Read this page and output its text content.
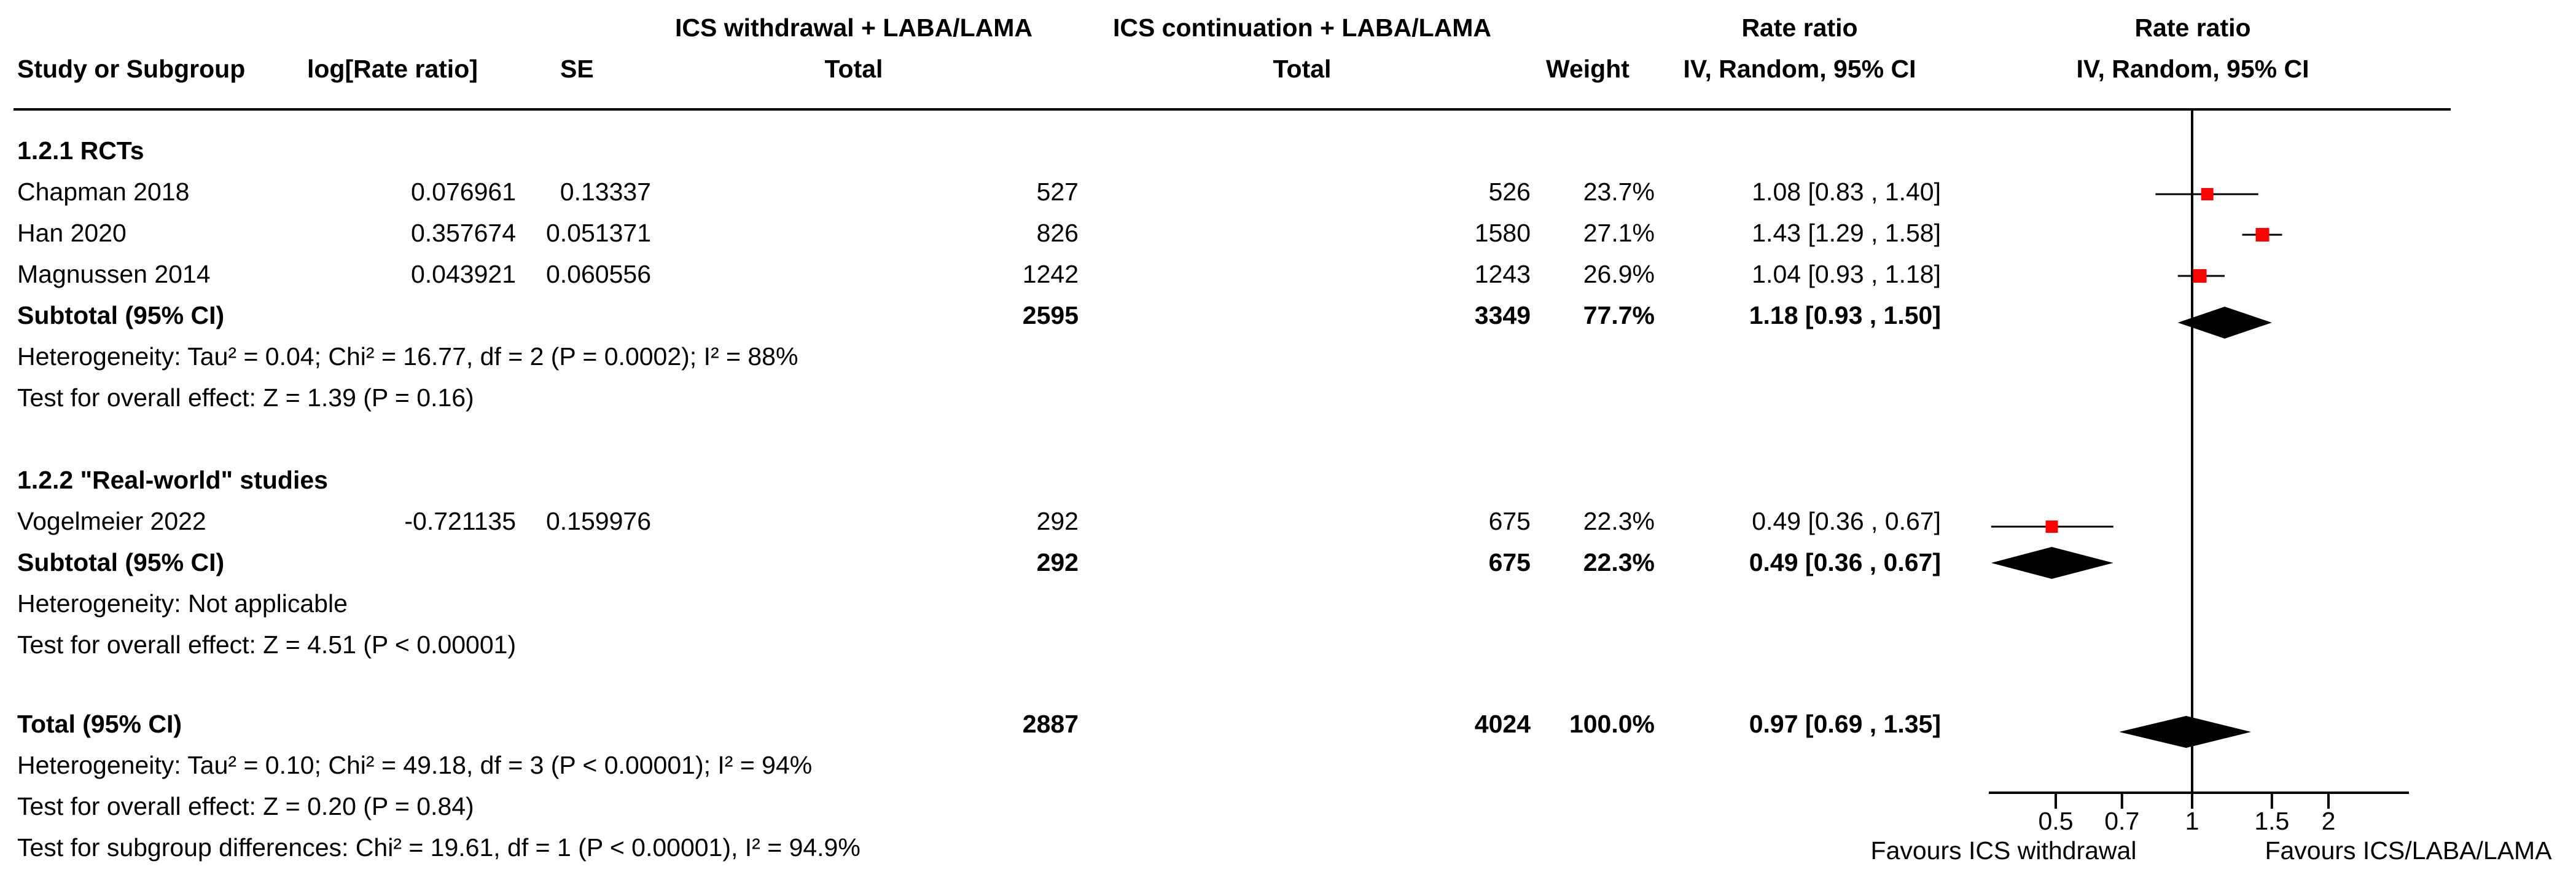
ICS withdrawal + LABA/LAMA	ICS continuation + LABA/LAMA	Rate ratio	Rate ratio
Study or Subgroup log[Rate ratio]	SE	Total	Total	Weight	IV, Random, 95% CI	IV, Random, 95% CI
1.2.1 RCTs
Chapman 2018	0.076961	0.13337	527	526	23.7%	1.08 [0.83 , 1.40]
Han 2020	0.357674	0.051371	826	1580	27.1%	1.43 [1.29 , 1.58]
Magnussen 2014	0.043921	0.060556	1242	1243	26.9%	1.04 [0.93 , 1.18]
Subtotal (95% CI)	2595	3349	77.7%	1.18 [0.93 , 1.50]
Heterogeneity: Tau² = 0.04; Chi² = 16.77, df = 2 (P = 0.0002); I² = 88%
Test for overall effect: Z = 1.39 (P = 0.16)
1.2.2 "Real-world" studies
Vogelmeier 2022	-0.721135	0.159976	292	675	22.3%	0.49 [0.36 , 0.67]
Subtotal (95% CI)	292	675	22.3%	0.49 [0.36 , 0.67]
Heterogeneity: Not applicable
Test for overall effect: Z = 4.51 (P < 0.00001)
Total (95% CI)	2887	4024	100.0%	0.97 [0.69 , 1.35]
Heterogeneity: Tau² = 0.10; Chi² = 49.18, df = 3 (P < 0.00001); I² = 94%
Test for overall effect: Z = 0.20 (P = 0.84)
Test for subgroup differences: Chi² = 19.61, df = 1 (P < 0.00001), I² = 94.9%
0.5 0.7 1 1.5 2
Favours ICS withdrawal	Favours ICS/LABA/LAMA
